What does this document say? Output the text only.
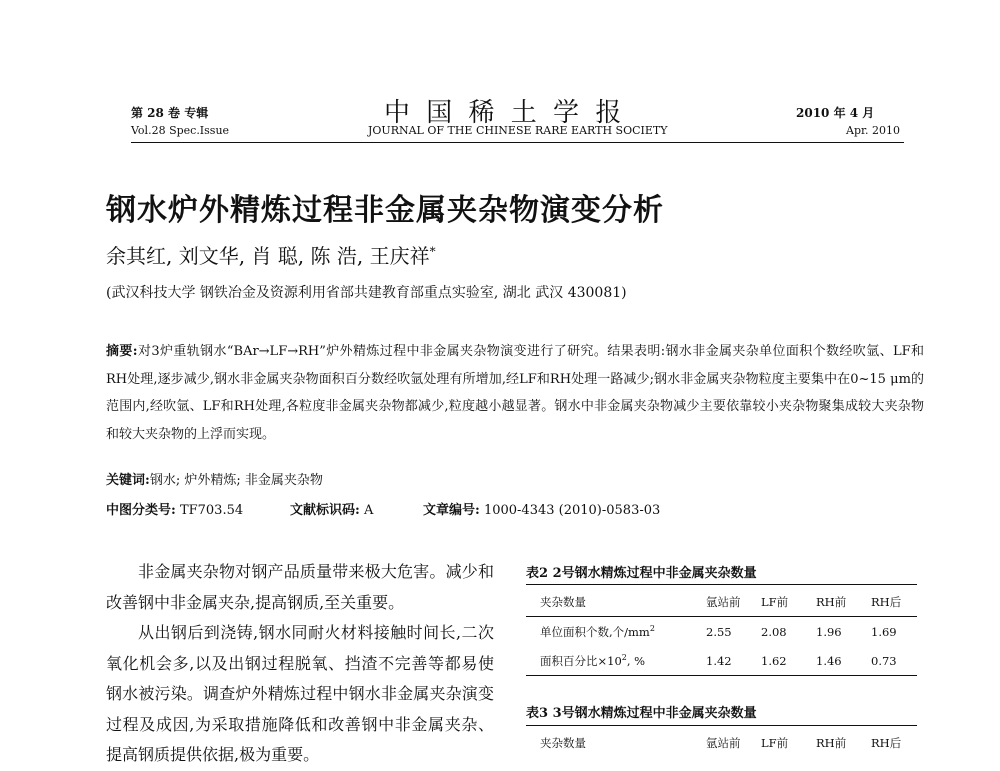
第 28 卷 专辑
Vol.28 Spec.Issue
中 国 稀 土 学 报
JOURNAL OF THE CHINESE RARE EARTH SOCIETY
2010 年 4 月
Apr. 2010
钢水炉外精炼过程非金属夹杂物演变分析
余其红, 刘文华, 肖 聪, 陈 浩, 王庆祥*
(武汉科技大学 钢铁冶金及资源利用省部共建教育部重点实验室, 湖北 武汉 430081)
摘要:对3炉重轨钢水“BAr→LF→RH”炉外精炼过程中非金属夹杂物演变进行了研究。结果表明:钢水非金属夹杂单位面积个数经吹氩、LF和RH处理,逐步减少,钢水非金属夹杂物面积百分数经吹氩处理有所增加,经LF和RH处理一路减少;钢水非金属夹杂物粒度主要集中在0~15 μm的范围内,经吹氩、LF和RH处理,各粒度非金属夹杂物都减少,粒度越小越显著。钢水中非金属夹杂物减少主要依靠较小夹杂物聚集成较大夹杂物和较大夹杂物的上浮而实现。
关键词:钢水; 炉外精炼; 非金属夹杂物
中图分类号: TF703.54	文献标识码: A	文章编号: 1000-4343 (2010)-0583-03
非金属夹杂物对钢产品质量带来极大危害。减少和改善钢中非金属夹杂,提高钢质,至关重要。
从出钢后到浇铸,钢水同耐火材料接触时间长,二次氧化机会多,以及出钢过程脱氧、挡渣不完善等都易使钢水被污染。调查炉外精炼过程中钢水非金属夹杂演变过程及成因,为采取措施降低和改善钢中非金属夹杂、提高钢质提供依据,极为重要。
表2 2号钢水精炼过程中非金属夹杂数量
夹杂数量	氩站前	LF前	RH前	RH后
单位面积个数,个$/mm^2$	2.55	2.08	1.96	1.69
面积百分比$\times 10^2$, %	1.42	1.62	1.46	0.73
表3 3号钢水精炼过程中非金属夹杂数量
夹杂数量	氩站前	LF前	RH前	RH后
